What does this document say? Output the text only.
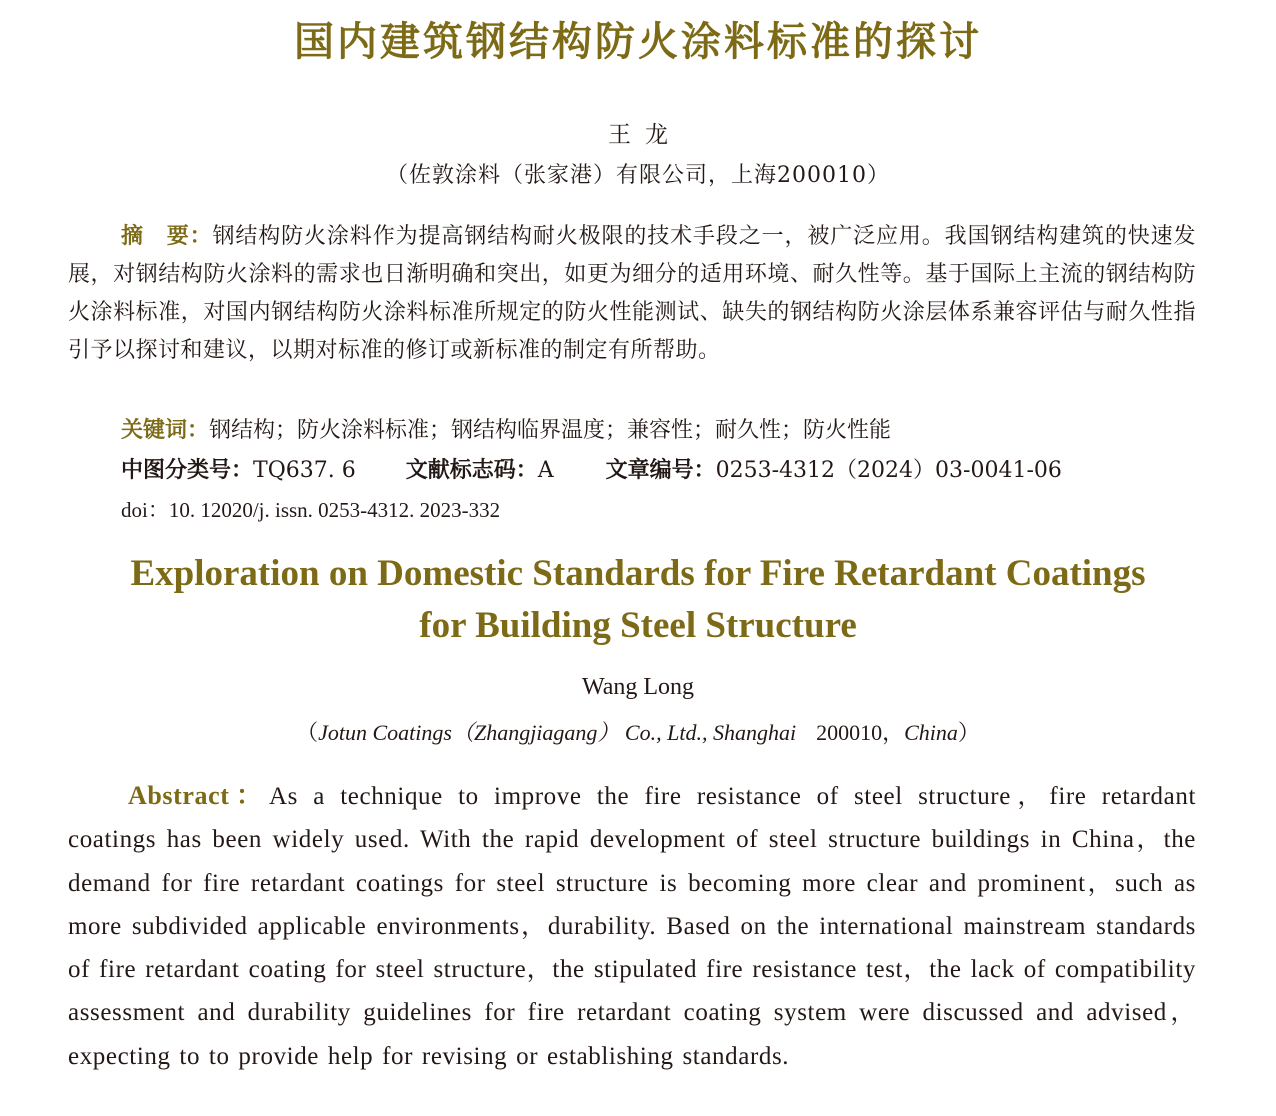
国内建筑钢结构防火涂料标准的探讨
王龙
（佐敦涂料（张家港）有限公司，上海200010）
摘　要：钢结构防火涂料作为提高钢结构耐火极限的技术手段之一，被广泛应用。我国钢结构建筑的快速发展，对钢结构防火涂料的需求也日渐明确和突出，如更为细分的适用环境、耐久性等。基于国际上主流的钢结构防火涂料标准，对国内钢结构防火涂料标准所规定的防火性能测试、缺失的钢结构防火涂层体系兼容评估与耐久性指引予以探讨和建议，以期对标准的修订或新标准的制定有所帮助。
关键词：钢结构；防火涂料标准；钢结构临界温度；兼容性；耐久性；防火性能
中图分类号：TQ637. 6 文献标志码：A 文章编号：0253-4312（2024）03-0041-06
doi：10. 12020/j. issn. 0253-4312. 2023-332
Exploration on Domestic Standards for Fire Retardant Coatings
for Building Steel Structure
Wang Long
（Jotun Coatings（Zhangjiagang） Co., Ltd., Shanghai 200010，China）
Abstract：As a technique to improve the fire resistance of steel structure，fire retardant coatings has been widely used. With the rapid development of steel structure buildings in China，the demand for fire retardant coatings for steel structure is becoming more clear and prominent，such as more subdivided applicable environments，durability. Based on the international mainstream standards of fire retardant coating for steel structure，the stipulated fire resistance test，the lack of compatibility assessment and durability guidelines for fire retardant coating system were discussed and advised，expecting to to provide help for revising or establishing standards.
